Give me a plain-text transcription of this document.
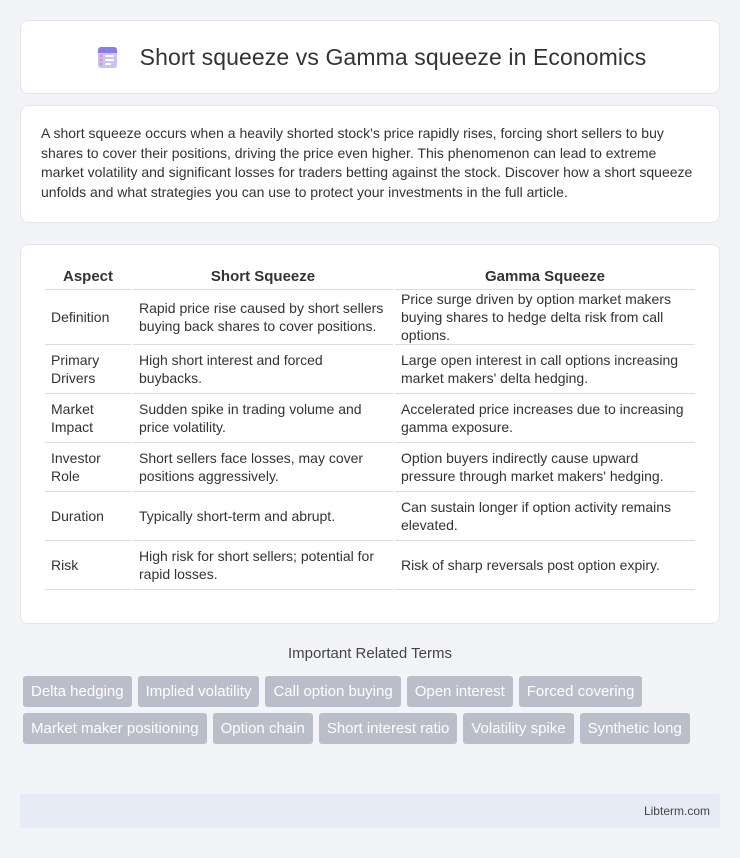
Short squeeze vs Gamma squeeze in Economics

A short squeeze occurs when a heavily shorted stock's price rapidly rises, forcing short sellers to buy shares to cover their positions, driving the price even higher. This phenomenon can lead to extreme market volatility and significant losses for traders betting against the stock. Discover how a short squeeze unfolds and what strategies you can use to protect your investments in the full article.

Aspect	Short Squeeze	Gamma Squeeze
Definition	Rapid price rise caused by short sellers buying back shares to cover positions.	Price surge driven by option market makers buying shares to hedge delta risk from call options.
Primary Drivers	High short interest and forced buybacks.	Large open interest in call options increasing market makers' delta hedging.
Market Impact	Sudden spike in trading volume and price volatility.	Accelerated price increases due to increasing gamma exposure.
Investor Role	Short sellers face losses, may cover positions aggressively.	Option buyers indirectly cause upward pressure through market makers' hedging.
Duration	Typically short-term and abrupt.	Can sustain longer if option activity remains elevated.
Risk	High risk for short sellers; potential for rapid losses.	Risk of sharp reversals post option expiry.
Important Related Terms
Delta hedging	Implied volatility	Call option buying	Open interest	Forced covering
Market maker positioning	Option chain	Short interest ratio	Volatility spike	Synthetic long
Libterm.com
